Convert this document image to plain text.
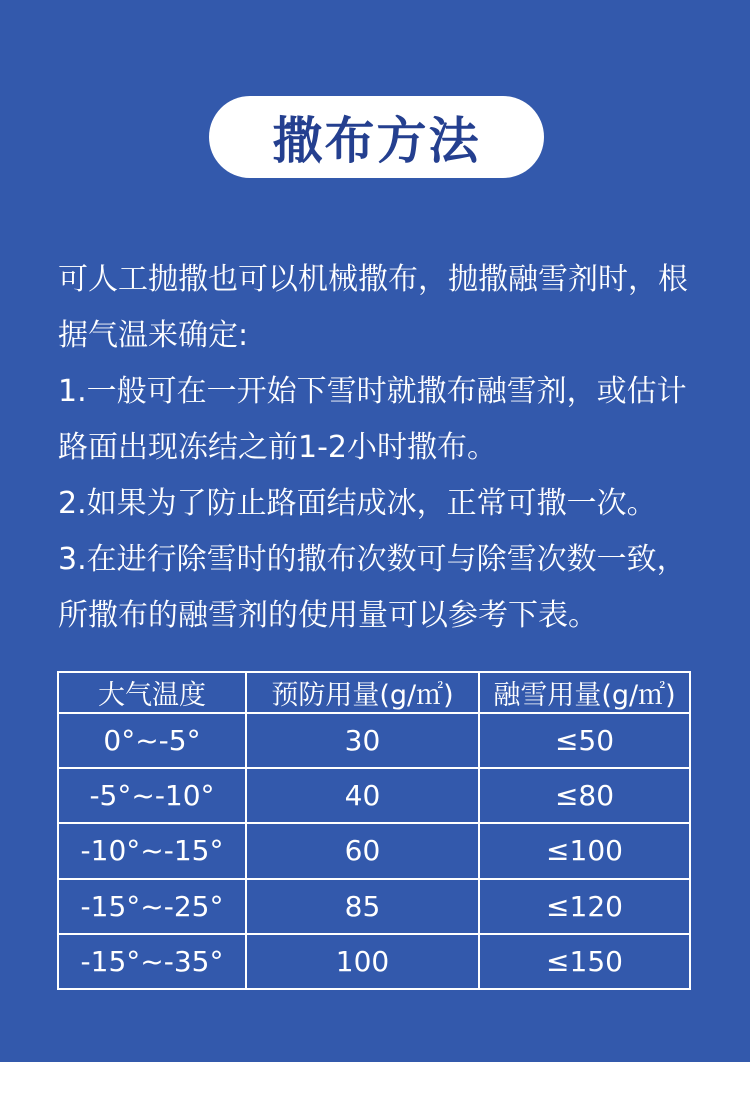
撒布方法

可人工抛撒也可以机械撒布，抛撒融雪剂时，根据气温来确定:

1.一般可在一开始下雪时就撒布融雪剂，或估计路面出现冻结之前1-2小时撒布。

2.如果为了防止路面结成冰，正常可撒一次。

3.在进行除雪时的撒布次数可与除雪次数一致，所撒布的融雪剂的使用量可以参考下表。

大气温度	预防用量(g/㎡)	融雪用量(g/㎡)
0°~-5°	30	≤50
-5°~-10°	40	≤80
-10°~-15°	60	≤100
-15°~-25°	85	≤120
-15°~-35°	100	≤150
